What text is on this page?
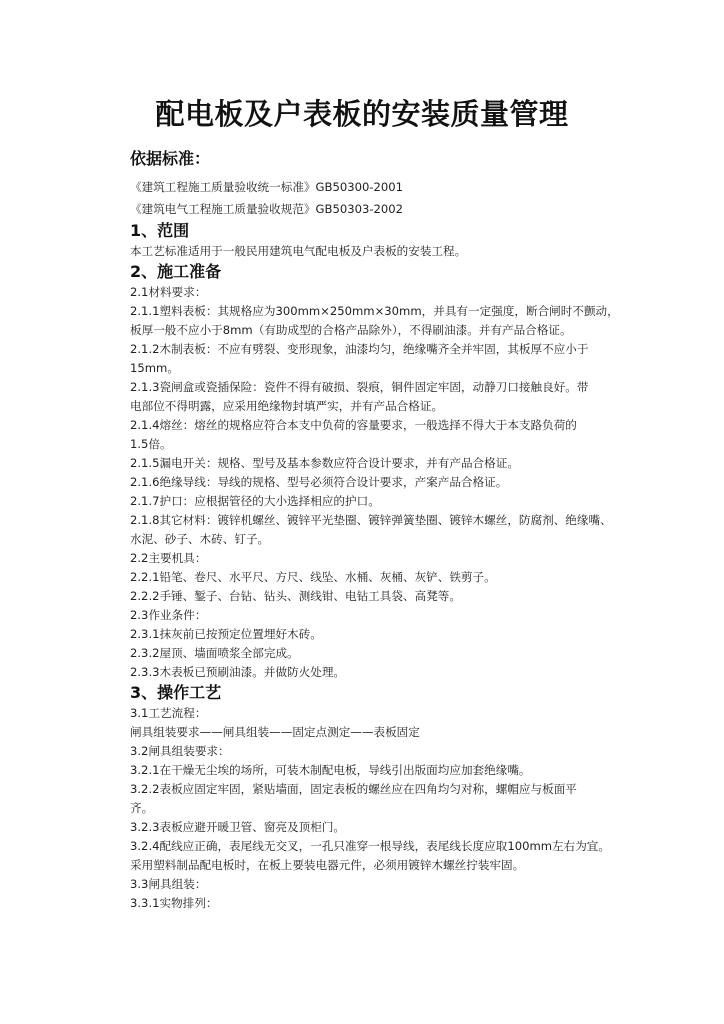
配电板及户表板的安装质量管理
依据标准：
《建筑工程施工质量验收统一标准》GB50300-2001
《建筑电气工程施工质量验收规范》GB50303-2002
1、范围
本工艺标准适用于一般民用建筑电气配电板及户表板的安装工程。
2、施工准备
2.1材料要求：
2.1.1塑料表板：其规格应为300mm×250mm×30mm，并具有一定强度，断合闸时不颤动，
板厚一般不应小于8mm（有助成型的合格产品除外），不得刷油漆。并有产品合格证。
2.1.2木制表板：不应有劈裂、变形现象，油漆均匀，绝缘嘴齐全并牢固，其板厚不应小于
15mm。
2.1.3瓷闸盒或瓷插保险：瓷件不得有破损、裂痕，铜件固定牢固，动静刀口接触良好。带
电部位不得明露，应采用绝缘物封填严实，并有产品合格证。
2.1.4熔丝：熔丝的规格应符合本支中负荷的容量要求，一般选择不得大于本支路负荷的
1.5倍。
2.1.5漏电开关：规格、型号及基本参数应符合设计要求，并有产品合格证。
2.1.6绝缘导线：导线的规格、型号必须符合设计要求，产案产品合格证。
2.1.7护口：应根据管径的大小选择相应的护口。
2.1.8其它材料：镀锌机螺丝、镀锌平光垫圈、镀锌弹簧垫圈、镀锌木螺丝，防腐剂、绝缘嘴、
水泥、砂子、木砖、钉子。
2.2主要机具：
2.2.1铅笔、卷尺、水平尺、方尺、线坠、水桶、灰桶、灰铲、铁剪子。
2.2.2手锤、錾子、台钻、钻头、测线钳、电钻工具袋、高凳等。
2.3作业条件：
2.3.1抹灰前已按预定位置埋好木砖。
2.3.2屋顶、墙面喷浆全部完成。
2.3.3木表板已预刷油漆。并做防火处理。
3、操作工艺
3.1工艺流程：
闸具组装要求——闸具组装——固定点测定——表板固定
3.2闸具组装要求：
3.2.1在干燥无尘埃的场所，可装木制配电板，导线引出版面均应加套绝缘嘴。
3.2.2表板应固定牢固，紧贴墙面，固定表板的螺丝应在四角均匀对称，螺帽应与板面平
齐。
3.2.3表板应避开暖卫管、窗亮及顶柜门。
3.2.4配线应正确，表尾线无交叉，一孔只准穿一根导线，表尾线长度应取100mm左右为宜。
采用塑料制品配电板时，在板上要装电器元件，必须用镀锌木螺丝拧装牢固。
3.3闸具组装：
3.3.1实物排列：
